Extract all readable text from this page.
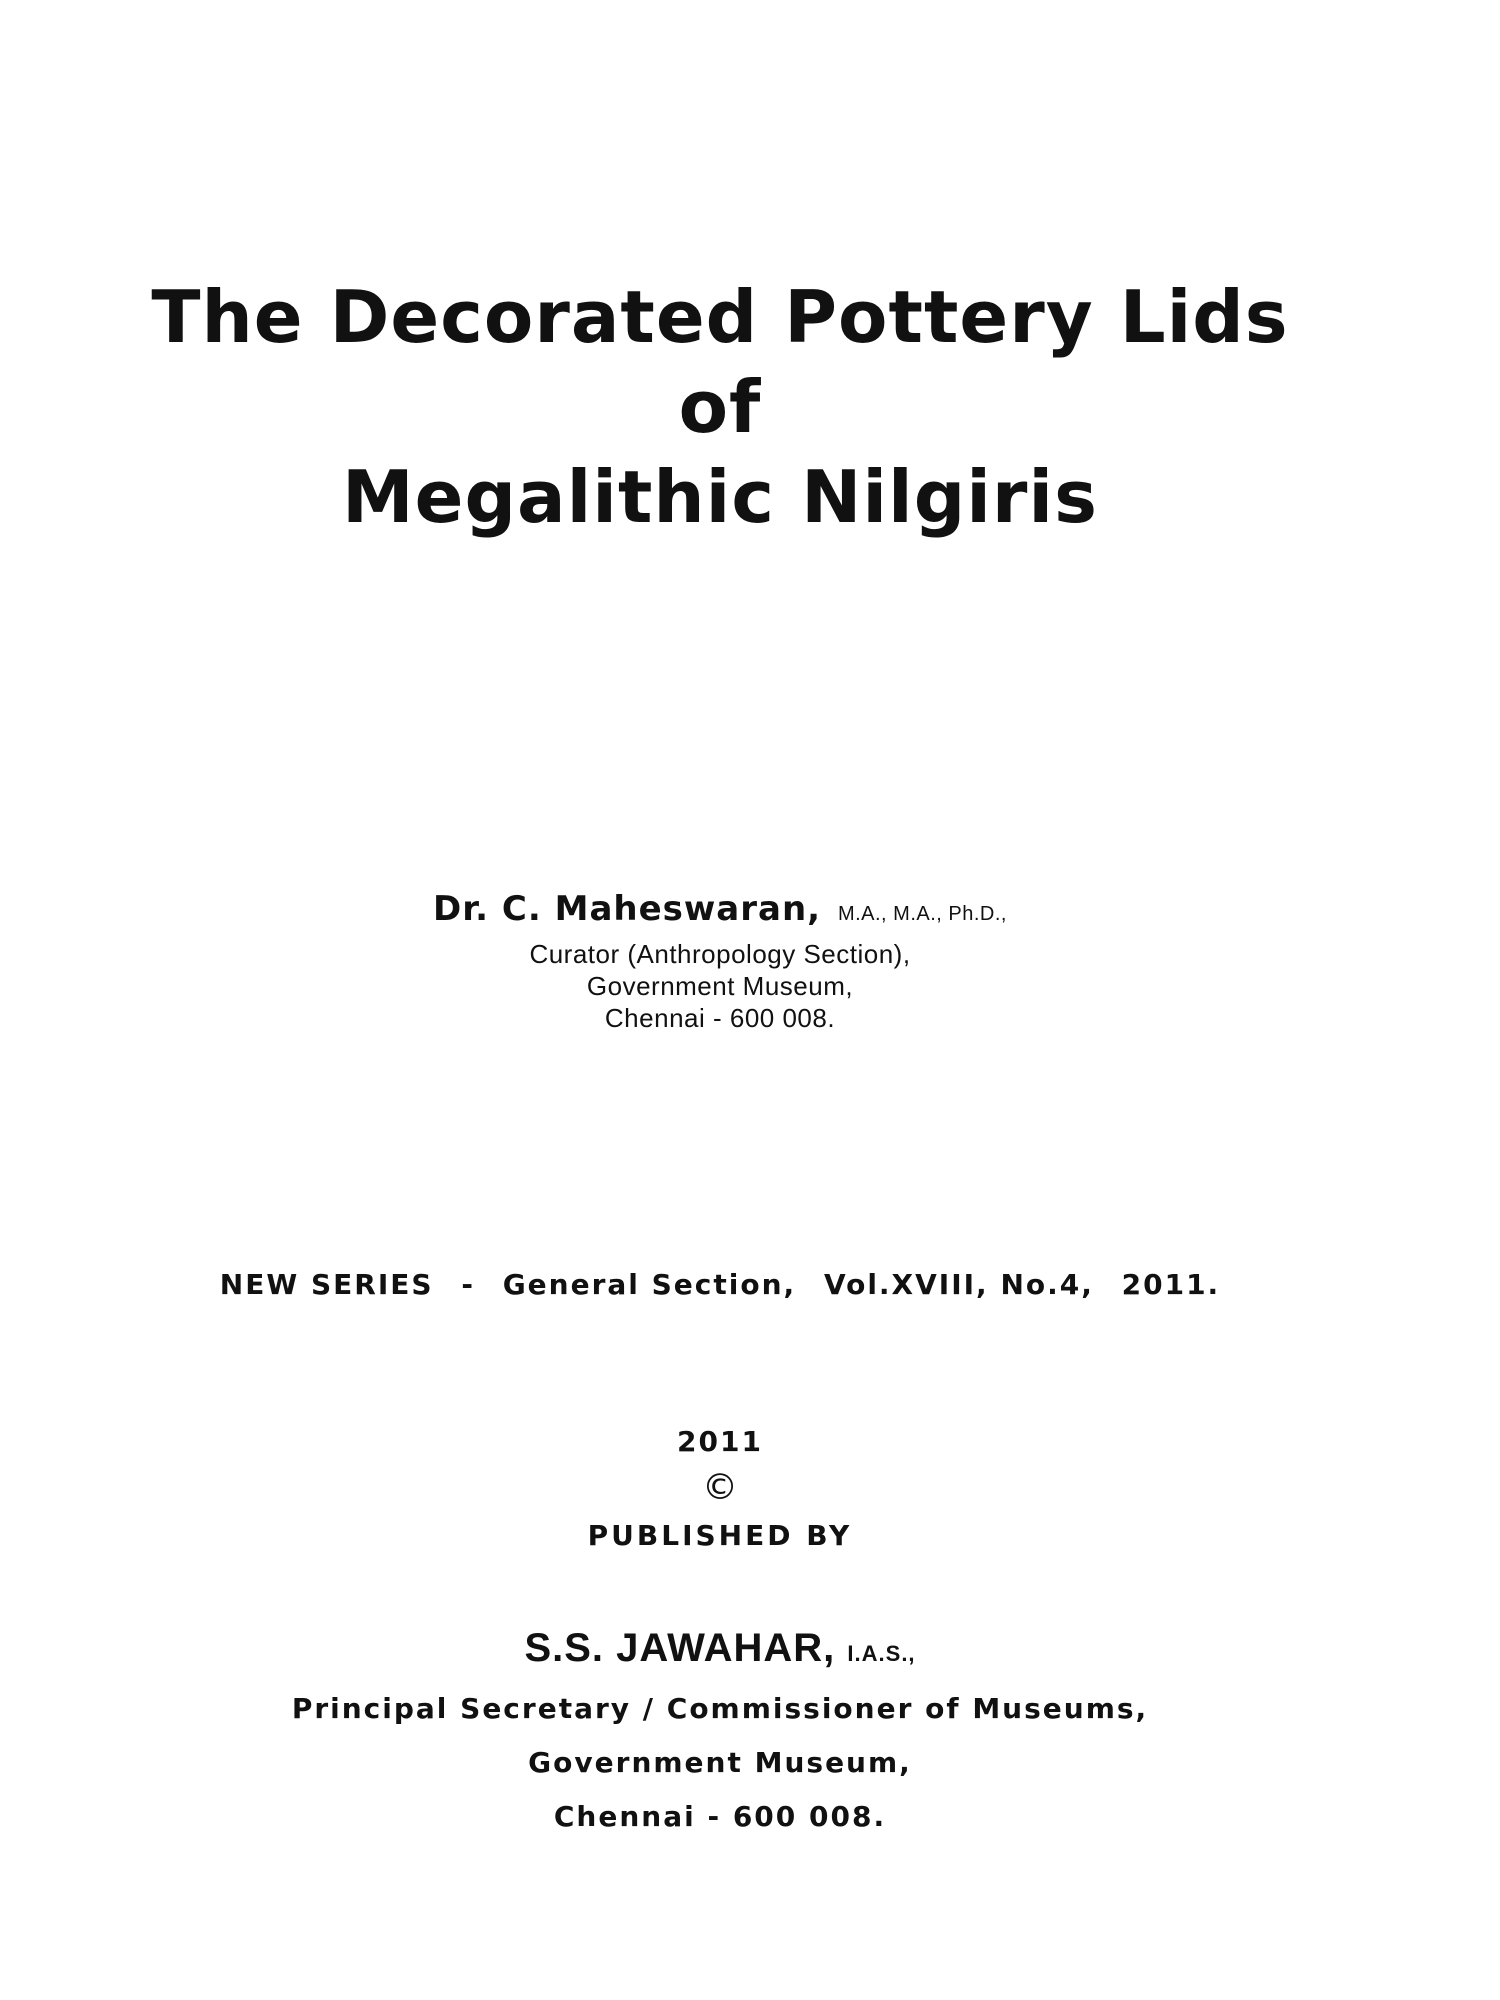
The Decorated Pottery Lids
of
Megalithic Nilgiris
Dr. C. Maheswaran, M.A., M.A., Ph.D.,
Curator (Anthropology Section),
Government Museum,
Chennai - 600 008.
NEW SERIES - General Section, Vol.XVIII, No.4, 2011.
2011
©
PUBLISHED BY
S.S. JAWAHAR, I.A.S.,
Principal Secretary / Commissioner of Museums,
Government Museum,
Chennai - 600 008.
